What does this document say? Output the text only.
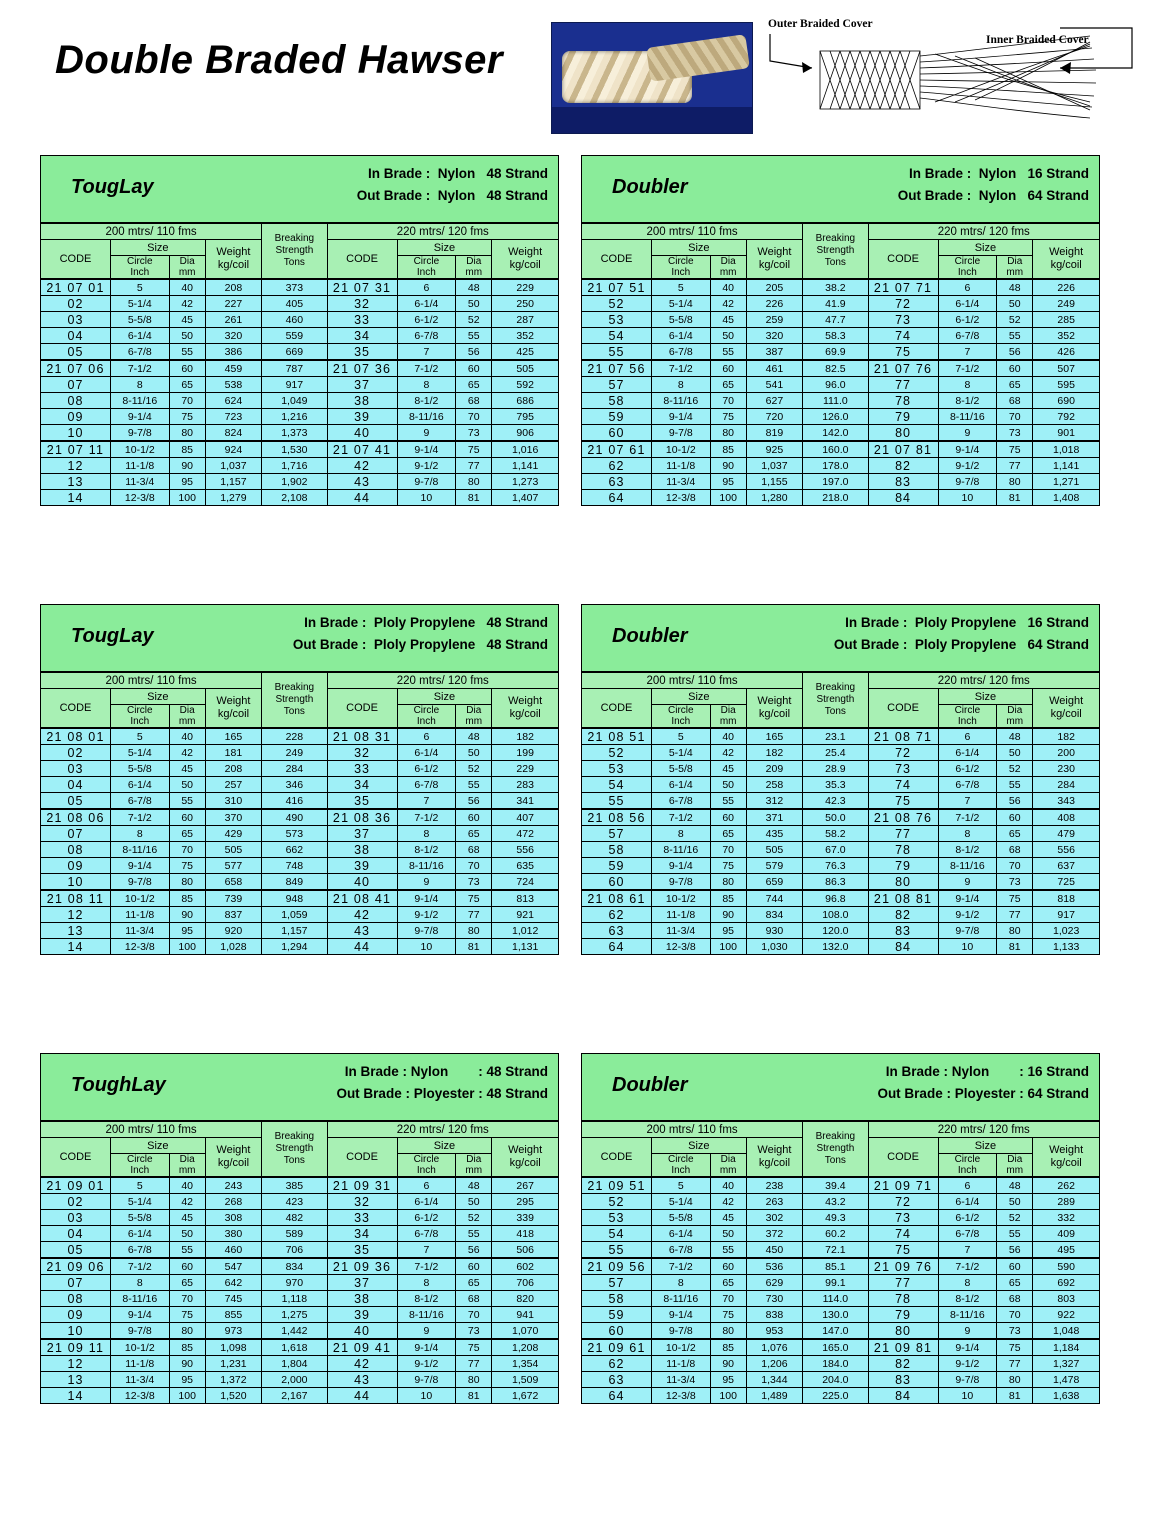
Double Braded Hawser
Outer Braided Cover
Inner Braided Cover
TougLay
In Brade :  Nylon   48 Strand
Out Brade :  Nylon   48 Strand
200 mtrs/ 110 fms				Breaking
Strength
Tons	220 mtrs/ 120 fms			
CODE	Size		Weight
kg/coil		CODE	Size		Weight
kg/coil
	Circle
Inch	Dia
mm				Circle
Inch	Dia
mm	
21 07 01	5	40	208	373	21 07 31	6	48	229
02	5-1/4	42	227	405	32	6-1/4	50	250
03	5-5/8	45	261	460	33	6-1/2	52	287
04	6-1/4	50	320	559	34	6-7/8	55	352
05	6-7/8	55	386	669	35	7	56	425
21 07 06	7-1/2	60	459	787	21 07 36	7-1/2	60	505
07	8	65	538	917	37	8	65	592
08	8-11/16	70	624	1,049	38	8-1/2	68	686
09	9-1/4	75	723	1,216	39	8-11/16	70	795
10	9-7/8	80	824	1,373	40	9	73	906
21 07 11	10-1/2	85	924	1,530	21 07 41	9-1/4	75	1,016
12	11-1/8	90	1,037	1,716	42	9-1/2	77	1,141
13	11-3/4	95	1,157	1,902	43	9-7/8	80	1,273
14	12-3/8	100	1,279	2,108	44	10	81	1,407
Doubler
In Brade :  Nylon   16 Strand
Out Brade :  Nylon   64 Strand
200 mtrs/ 110 fms				Breaking
Strength
Tons	220 mtrs/ 120 fms			
CODE	Size		Weight
kg/coil		CODE	Size		Weight
kg/coil
	Circle
Inch	Dia
mm				Circle
Inch	Dia
mm	
21 07 51	5	40	205	38.2	21 07 71	6	48	226
52	5-1/4	42	226	41.9	72	6-1/4	50	249
53	5-5/8	45	259	47.7	73	6-1/2	52	285
54	6-1/4	50	320	58.3	74	6-7/8	55	352
55	6-7/8	55	387	69.9	75	7	56	426
21 07 56	7-1/2	60	461	82.5	21 07 76	7-1/2	60	507
57	8	65	541	96.0	77	8	65	595
58	8-11/16	70	627	111.0	78	8-1/2	68	690
59	9-1/4	75	720	126.0	79	8-11/16	70	792
60	9-7/8	80	819	142.0	80	9	73	901
21 07 61	10-1/2	85	925	160.0	21 07 81	9-1/4	75	1,018
62	11-1/8	90	1,037	178.0	82	9-1/2	77	1,141
63	11-3/4	95	1,155	197.0	83	9-7/8	80	1,271
64	12-3/8	100	1,280	218.0	84	10	81	1,408
TougLay
In Brade :  Ploly Propylene   48 Strand
Out Brade :  Ploly Propylene   48 Strand
200 mtrs/ 110 fms				Breaking
Strength
Tons	220 mtrs/ 120 fms			
CODE	Size		Weight
kg/coil		CODE	Size		Weight
kg/coil
	Circle
Inch	Dia
mm				Circle
Inch	Dia
mm	
21 08 01	5	40	165	228	21 08 31	6	48	182
02	5-1/4	42	181	249	32	6-1/4	50	199
03	5-5/8	45	208	284	33	6-1/2	52	229
04	6-1/4	50	257	346	34	6-7/8	55	283
05	6-7/8	55	310	416	35	7	56	341
21 08 06	7-1/2	60	370	490	21 08 36	7-1/2	60	407
07	8	65	429	573	37	8	65	472
08	8-11/16	70	505	662	38	8-1/2	68	556
09	9-1/4	75	577	748	39	8-11/16	70	635
10	9-7/8	80	658	849	40	9	73	724
21 08 11	10-1/2	85	739	948	21 08 41	9-1/4	75	813
12	11-1/8	90	837	1,059	42	9-1/2	77	921
13	11-3/4	95	920	1,157	43	9-7/8	80	1,012
14	12-3/8	100	1,028	1,294	44	10	81	1,131
Doubler
In Brade :  Ploly Propylene   16 Strand
Out Brade :  Ploly Propylene   64 Strand
200 mtrs/ 110 fms				Breaking
Strength
Tons	220 mtrs/ 120 fms			
CODE	Size		Weight
kg/coil		CODE	Size		Weight
kg/coil
	Circle
Inch	Dia
mm				Circle
Inch	Dia
mm	
21 08 51	5	40	165	23.1	21 08 71	6	48	182
52	5-1/4	42	182	25.4	72	6-1/4	50	200
53	5-5/8	45	209	28.9	73	6-1/2	52	230
54	6-1/4	50	258	35.3	74	6-7/8	55	284
55	6-7/8	55	312	42.3	75	7	56	343
21 08 56	7-1/2	60	371	50.0	21 08 76	7-1/2	60	408
57	8	65	435	58.2	77	8	65	479
58	8-11/16	70	505	67.0	78	8-1/2	68	556
59	9-1/4	75	579	76.3	79	8-11/16	70	637
60	9-7/8	80	659	86.3	80	9	73	725
21 08 61	10-1/2	85	744	96.8	21 08 81	9-1/4	75	818
62	11-1/8	90	834	108.0	82	9-1/2	77	917
63	11-3/4	95	930	120.0	83	9-7/8	80	1,023
64	12-3/8	100	1,030	132.0	84	10	81	1,133
ToughLay
In Brade : Nylon        : 48 Strand
Out Brade : Ployester : 48 Strand
200 mtrs/ 110 fms				Breaking
Strength
Tons	220 mtrs/ 120 fms			
CODE	Size		Weight
kg/coil		CODE	Size		Weight
kg/coil
	Circle
Inch	Dia
mm				Circle
Inch	Dia
mm	
21 09 01	5	40	243	385	21 09 31	6	48	267
02	5-1/4	42	268	423	32	6-1/4	50	295
03	5-5/8	45	308	482	33	6-1/2	52	339
04	6-1/4	50	380	589	34	6-7/8	55	418
05	6-7/8	55	460	706	35	7	56	506
21 09 06	7-1/2	60	547	834	21 09 36	7-1/2	60	602
07	8	65	642	970	37	8	65	706
08	8-11/16	70	745	1,118	38	8-1/2	68	820
09	9-1/4	75	855	1,275	39	8-11/16	70	941
10	9-7/8	80	973	1,442	40	9	73	1,070
21 09 11	10-1/2	85	1,098	1,618	21 09 41	9-1/4	75	1,208
12	11-1/8	90	1,231	1,804	42	9-1/2	77	1,354
13	11-3/4	95	1,372	2,000	43	9-7/8	80	1,509
14	12-3/8	100	1,520	2,167	44	10	81	1,672
Doubler
In Brade : Nylon        : 16 Strand
Out Brade : Ployester : 64 Strand
200 mtrs/ 110 fms				Breaking
Strength
Tons	220 mtrs/ 120 fms			
CODE	Size		Weight
kg/coil		CODE	Size		Weight
kg/coil
	Circle
Inch	Dia
mm				Circle
Inch	Dia
mm	
21 09 51	5	40	238	39.4	21 09 71	6	48	262
52	5-1/4	42	263	43.2	72	6-1/4	50	289
53	5-5/8	45	302	49.3	73	6-1/2	52	332
54	6-1/4	50	372	60.2	74	6-7/8	55	409
55	6-7/8	55	450	72.1	75	7	56	495
21 09 56	7-1/2	60	536	85.1	21 09 76	7-1/2	60	590
57	8	65	629	99.1	77	8	65	692
58	8-11/16	70	730	114.0	78	8-1/2	68	803
59	9-1/4	75	838	130.0	79	8-11/16	70	922
60	9-7/8	80	953	147.0	80	9	73	1,048
21 09 61	10-1/2	85	1,076	165.0	21 09 81	9-1/4	75	1,184
62	11-1/8	90	1,206	184.0	82	9-1/2	77	1,327
63	11-3/4	95	1,344	204.0	83	9-7/8	80	1,478
64	12-3/8	100	1,489	225.0	84	10	81	1,638
